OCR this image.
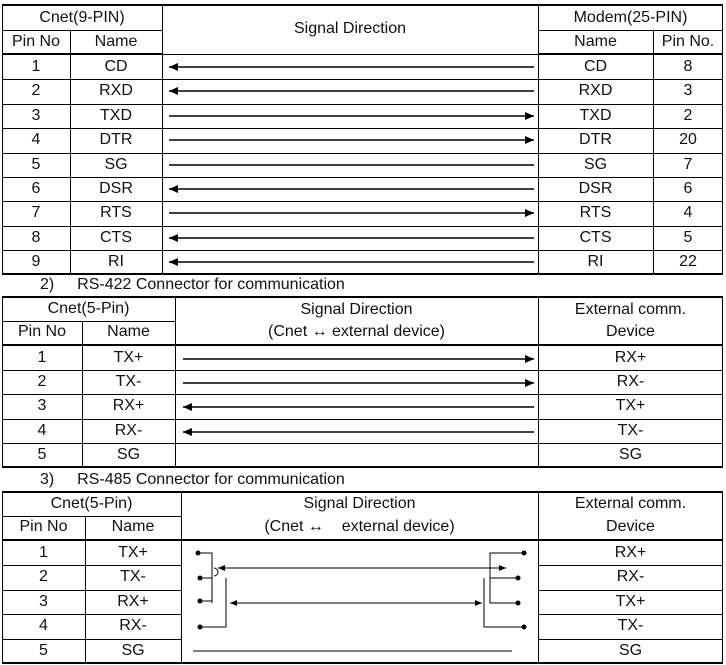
Cnet(9-PIN)
Pin No	Name
Signal Direction
Modem(25-PIN)
Name	Pin No.
1	CD	CD	8
2	RXD	RXD	3
3	TXD	TXD	2
4	DTR	DTR	20
5	SG	SG	7
6	DSR	DSR	6
7	RTS	RTS	4
8	CTS	CTS	5
9	RI	RI	22
2) RS-422 Connector for communication
Cnet(5-Pin)
Pin No	Name
Signal Direction
(Cnet ↔ external device)
External comm.
Device
1	TX+	RX+
2	TX-	RX-
3	RX+	TX+
4	RX-	TX-
5	SG	SG
3) RS-485 Connector for communication
Cnet(5-Pin)
Pin No	Name
Signal Direction
(Cnet ↔    external device)
External comm.
Device
1	TX+	RX+
2	TX-	RX-
3	RX+	TX+
4	RX-	TX-
5	SG	SG
